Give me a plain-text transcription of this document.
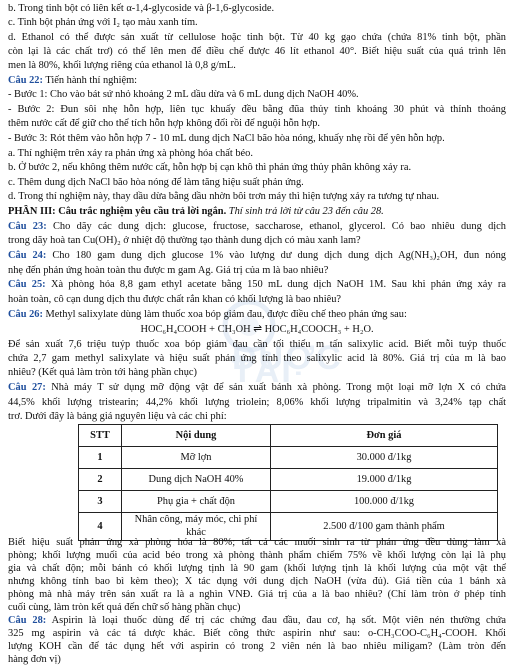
ĐUỢC TẢI
b. Trong tinh bột có liên kết α-1,4-glycoside và β-1,6-glycoside.
c. Tinh bột phản ứng với I₂ tạo màu xanh tím.
d. Ethanol có thể được sản xuất từ cellulose hoặc tinh bột. Từ 40 kg gạo chứa (chứa 81% tinh bột, phần
còn lại là các chất trơ) có thể lên men để điều chế được 46 lít ethanol 40°. Biết hiệu suất của quá trình lên
men là 80%, khối lượng riêng của ethanol là 0,8 g/mL.
Câu 22: Tiến hành thí nghiệm:
- Bước 1: Cho vào bát sứ nhỏ khoảng 2 mL dầu dừa và 6 mL dung dịch NaOH 40%.
- Bước 2: Đun sôi nhẹ hỗn hợp, liên tục khuấy đều bằng đũa thủy tinh khoảng 30 phút và thỉnh thoảng
thêm nước cất để giữ cho thể tích hỗn hợp không đổi rồi để nguội hỗn hợp.
- Bước 3: Rót thêm vào hỗn hợp 7 - 10 mL dung dịch NaCl bão hòa nóng, khuấy nhẹ rồi để yên hỗn hợp.
a. Thí nghiệm trên xảy ra phản ứng xà phòng hóa chất béo.
b. Ở bước 2, nếu không thêm nước cất, hỗn hợp bị cạn khô thì phản ứng thủy phân không xảy ra.
c. Thêm dung dịch NaCl bão hòa nóng để làm tăng hiệu suất phản ứng.
d. Trong thí nghiệm này, thay dầu dừa bằng dầu nhờn bôi trơn máy thì hiện tượng xảy ra tương tự nhau.
PHẦN III: Câu trắc nghiệm yêu cầu trả lời ngắn. Thí sinh trả lời từ câu 23 đến câu 28.
Câu 23: Cho dãy các dung dịch: glucose, fructose, saccharose, ethanol, glycerol. Có bao nhiêu dung dịch
trong dãy hoà tan Cu(OH)₂ ở nhiệt độ thường tạo thành dung dịch có màu xanh lam?
Câu 24: Cho 180 gam dung dịch glucose 1% vào lượng dư dung dịch dung dịch Ag(NH₃)₂OH, đun nóng
nhẹ đến phản ứng hoàn toàn thu được m gam Ag. Giá trị của m là bao nhiêu?
Câu 25: Xà phòng hóa 8,8 gam ethyl acetate bằng 150 mL dung dịch NaOH 1M. Sau khi phản ứng xảy ra
hoàn toàn, cô cạn dung dịch thu được chất rắn khan có khối lượng là bao nhiêu?
Câu 26: Methyl salixylate dùng làm thuốc xoa bóp giảm đau, được điều chế theo phản ứng sau:
HOC₆H₄COOH + CH₃OH ⇌ HOC₆H₄COOCH₃ + H₂O.
Để sản xuất 7,6 triệu tuýp thuốc xoa bóp giảm đau cần tối thiểu m tấn salixylic acid. Biết mỗi tuýp thuốc
chứa 2,7 gam methyl salixylate và hiệu suất phản ứng tính theo salixylic acid là 80%. Giá trị của m là bao
nhiêu? (Kết quả làm tròn tới hàng phần chục)
Câu 27: Nhà máy T sử dụng mỡ động vật để sản xuất bánh xà phòng. Trong một loại mỡ lợn X có chứa
44,5% khối lượng tristearin; 44,2% khối lượng triolein; 8,06% khối lượng tripalmitin và 3,24% tạp chất
trơ. Dưới đây là bảng giá nguyên liệu và các chi phí:
STT	Nội dung	Đơn giá
1	Mỡ lợn	30.000 đ/1kg
2	Dung dịch NaOH 40%	19.000 đ/1kg
3	Phụ gia + chất độn	100.000 đ/1kg
4	Nhân công, máy móc, chi phí khác	2.500 đ/100 gam thành phẩm
Biết hiệu suất phản ứng xà phòng hóa là 80%; tất cả các muối sinh ra từ phản ứng đều dùng làm xà
phòng; khối lượng muối của acid béo trong xà phòng thành phẩm chiếm 75% về khối lượng còn lại là phụ
gia và chất độn; mỗi bánh có khối lượng tịnh là 90 gam (khối lượng tịnh là khối lượng của một vật thể
nhưng không tính bao bì kèm theo); X tác dụng với dung dịch NaOH (vừa đủ). Giá tiền của 1 bánh xà
phòng mà nhà máy trên sản xuất ra là a nghìn VNĐ. Giá trị của a là bao nhiêu? (Chỉ làm tròn ở phép tính
cuối cùng, làm tròn kết quả đến chữ số hàng phần chục)
Câu 28: Aspirin là loại thuốc dùng để trị các chứng đau đầu, đau cơ, hạ sốt. Một viên nén thường chứa
325 mg aspirin và các tá dược khác. Biết công thức aspirin như sau: o-CH₃COO-C₆H₄-COOH. Khối
lượng KOH cần để tác dụng hết với aspirin có trong 2 viên nén là bao nhiêu miligam? (Làm tròn đến
hàng đơn vị)
